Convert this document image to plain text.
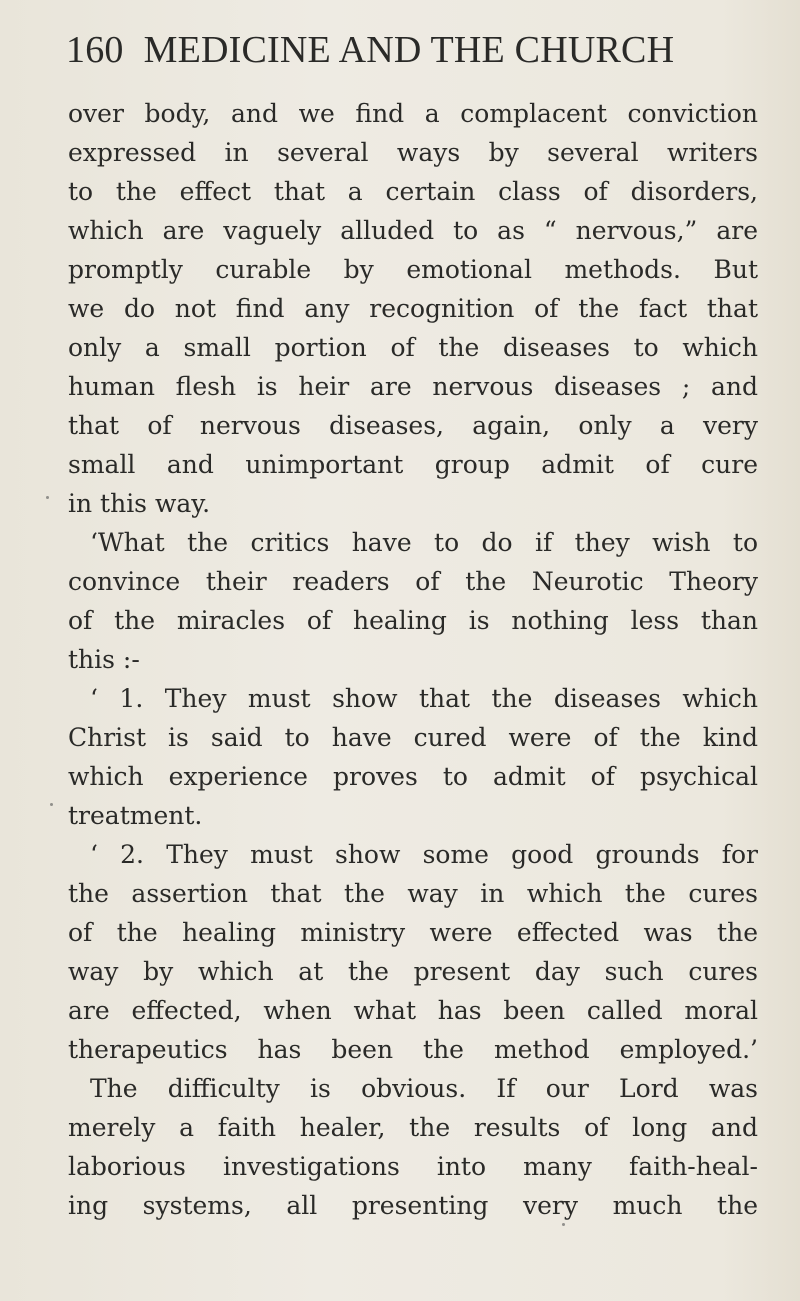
160 MEDICINE AND THE CHURCH
over body, and we find a complacent conviction
expressed in several ways by several writers
to the effect that a certain class of disorders,
which are vaguely alluded to as “ nervous,” are
promptly curable by emotional methods. But
we do not find any recognition of the fact that
only a small portion of the diseases to which
human flesh is heir are nervous diseases ; and
that of nervous diseases, again, only a very
small and unimportant group admit of cure
in this way.
‘What the critics have to do if they wish to
convince their readers of the Neurotic Theory
of the miracles of healing is nothing less than
this :-
‘ 1. They must show that the diseases which
Christ is said to have cured were of the kind
which experience proves to admit of psychical
treatment.
‘ 2. They must show some good grounds for
the assertion that the way in which the cures
of the healing ministry were effected was the
way by which at the present day such cures
are effected, when what has been called moral
therapeutics has been the method employed.’
The difficulty is obvious. If our Lord was
merely a faith healer, the results of long and
laborious investigations into many faith-heal-
ing systems, all presenting very much the
